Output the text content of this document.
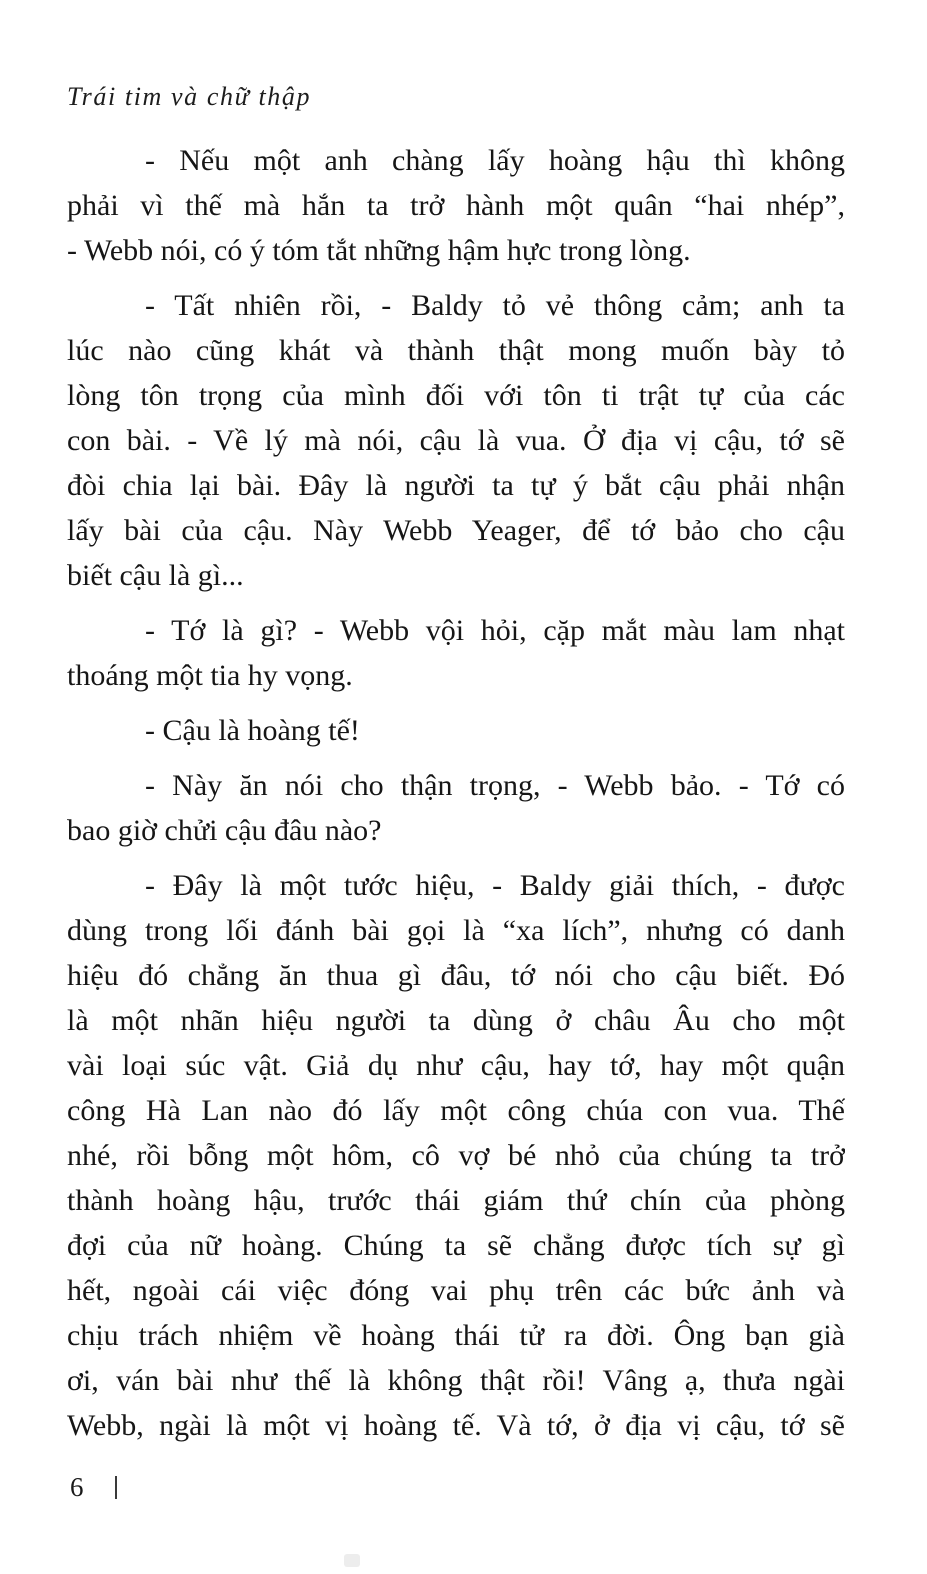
Trái tim và chữ thập
- Nếu một anh chàng lấy hoàng hậu thì không
phải vì thế mà hắn ta trở hành một quân “hai nhép”,
- Webb nói, có ý tóm tắt những hậm hực trong lòng.
- Tất nhiên rồi, - Baldy tỏ vẻ thông cảm; anh ta
lúc nào cũng khát và thành thật mong muốn bày tỏ
lòng tôn trọng của mình đối với tôn ti trật tự của các
con bài. - Về lý mà nói, cậu là vua. Ở địa vị cậu, tớ sẽ
đòi chia lại bài. Đây là người ta tự ý bắt cậu phải nhận
lấy bài của cậu. Này Webb Yeager, để tớ bảo cho cậu
biết cậu là gì...
- Tớ là gì? - Webb vội hỏi, cặp mắt màu lam nhạt
thoáng một tia hy vọng.
- Cậu là hoàng tế!
- Này ăn nói cho thận trọng, - Webb bảo. - Tớ có
bao giờ chửi cậu đâu nào?
- Đây là một tước hiệu, - Baldy giải thích, - được
dùng trong lối đánh bài gọi là “xa lích”, nhưng có danh
hiệu đó chẳng ăn thua gì đâu, tớ nói cho cậu biết. Đó
là một nhãn hiệu người ta dùng ở châu Âu cho một
vài loại súc vật. Giả dụ như cậu, hay tớ, hay một quận
công Hà Lan nào đó lấy một công chúa con vua. Thế
nhé, rồi bỗng một hôm, cô vợ bé nhỏ của chúng ta trở
thành hoàng hậu, trước thái giám thứ chín của phòng
đợi của nữ hoàng. Chúng ta sẽ chẳng được tích sự gì
hết, ngoài cái việc đóng vai phụ trên các bức ảnh và
chịu trách nhiệm về hoàng thái tử ra đời. Ông bạn già
ơi, ván bài như thế là không thật rồi! Vâng ạ, thưa ngài
Webb, ngài là một vị hoàng tế. Và tớ, ở địa vị cậu, tớ sẽ
6
